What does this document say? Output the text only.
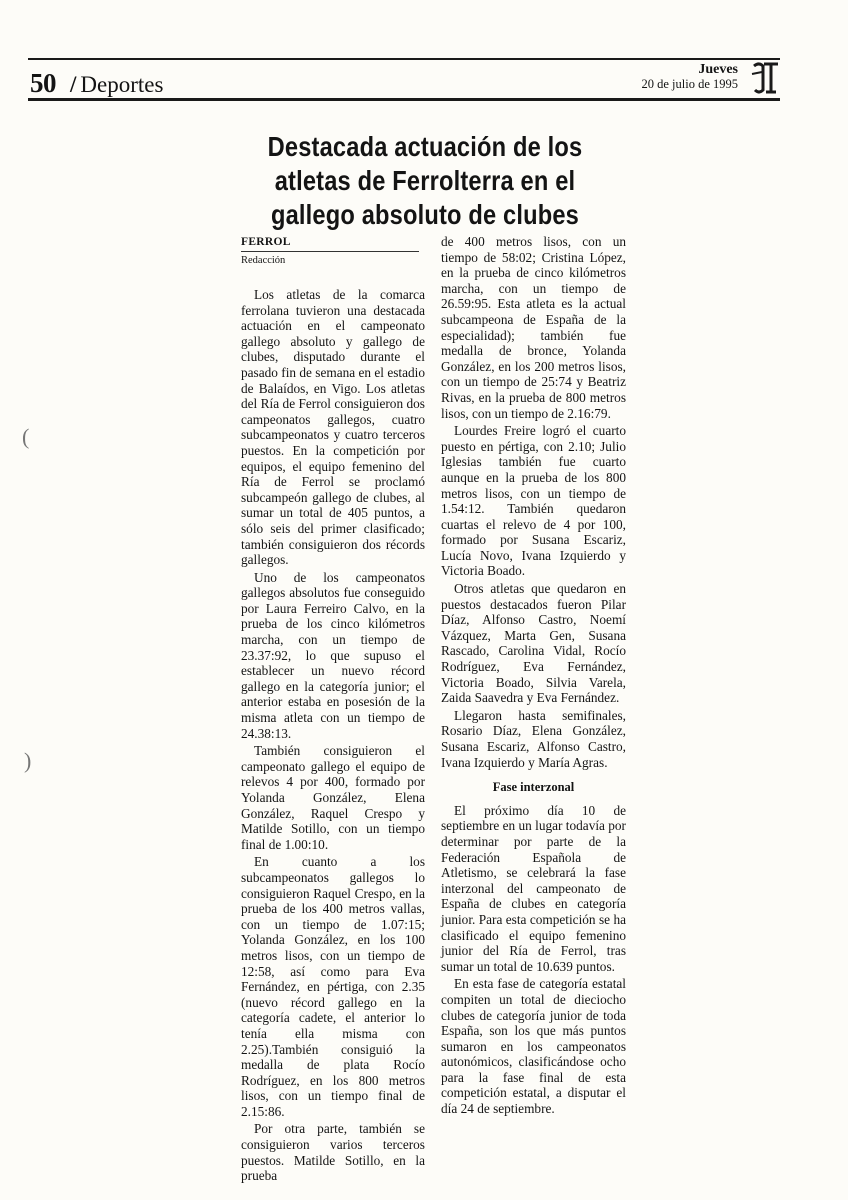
50 / Deportes
Jueves
20 de julio de 1995
Destacada actuación de los
atletas de Ferrolterra en el
gallego absoluto de clubes
FERROL
Redacción

Los atletas de la comarca ferrolana tuvieron una destacada actuación en el campeonato gallego absoluto y gallego de clubes, disputado durante el pasado fin de semana en el estadio de Balaídos, en Vigo. Los atletas del Ría de Ferrol consiguieron dos campeonatos gallegos, cuatro subcampeonatos y cuatro terceros puestos. En la competición por equipos, el equipo femenino del Ría de Ferrol se proclamó subcampeón gallego de clubes, al sumar un total de 405 puntos, a sólo seis del primer clasificado; también consiguieron dos récords gallegos.

Uno de los campeonatos gallegos absolutos fue conseguido por Laura Ferreiro Calvo, en la prueba de los cinco kilómetros marcha, con un tiempo de 23.37:92, lo que supuso el establecer un nuevo récord gallego en la categoría junior; el anterior estaba en posesión de la misma atleta con un tiempo de 24.38:13.

También consiguieron el campeonato gallego el equipo de relevos 4 por 400, formado por Yolanda González, Elena González, Raquel Crespo y Matilde Sotillo, con un tiempo final de 1.00:10.

En cuanto a los subcampeonatos gallegos lo consiguieron Raquel Crespo, en la prueba de los 400 metros vallas, con un tiempo de 1.07:15; Yolanda González, en los 100 metros lisos, con un tiempo de 12:58, así como para Eva Fernández, en pértiga, con 2.35 (nuevo récord gallego en la categoría cadete, el anterior lo tenía ella misma con 2.25).También consiguió la medalla de plata Rocío Rodríguez, en los 800 metros lisos, con un tiempo final de 2.15:86.

Por otra parte, también se consiguieron varios terceros puestos. Matilde Sotillo, en la prueba

de 400 metros lisos, con un tiempo de 58:02; Cristina López, en la prueba de cinco kilómetros marcha, con un tiempo de 26.59:95. Esta atleta es la actual subcampeona de España de la especialidad); también fue medalla de bronce, Yolanda González, en los 200 metros lisos, con un tiempo de 25:74 y Beatriz Rivas, en la prueba de 800 metros lisos, con un tiempo de 2.16:79.

Lourdes Freire logró el cuarto puesto en pértiga, con 2.10; Julio Iglesias también fue cuarto aunque en la prueba de los 800 metros lisos, con un tiempo de 1.54:12. También quedaron cuartas el relevo de 4 por 100, formado por Susana Escariz, Lucía Novo, Ivana Izquierdo y Victoria Boado.

Otros atletas que quedaron en puestos destacados fueron Pilar Díaz, Alfonso Castro, Noemí Vázquez, Marta Gen, Susana Rascado, Carolina Vidal, Rocío Rodríguez, Eva Fernández, Victoria Boado, Silvia Varela, Zaida Saavedra y Eva Fernández.

Llegaron hasta semifinales, Rosario Díaz, Elena González, Susana Escariz, Alfonso Castro, Ivana Izquierdo y María Agras.

Fase interzonal

El próximo día 10 de septiembre en un lugar todavía por determinar por parte de la Federación Española de Atletismo, se celebrará la fase interzonal del campeonato de España de clubes en categoría junior. Para esta competición se ha clasificado el equipo femenino junior del Ría de Ferrol, tras sumar un total de 10.639 puntos.

En esta fase de categoría estatal compiten un total de dieciocho clubes de categoría junior de toda España, son los que más puntos sumaron en los campeonatos autonómicos, clasificándose ocho para la fase final de esta competición estatal, a disputar el día 24 de septiembre.

(
)
